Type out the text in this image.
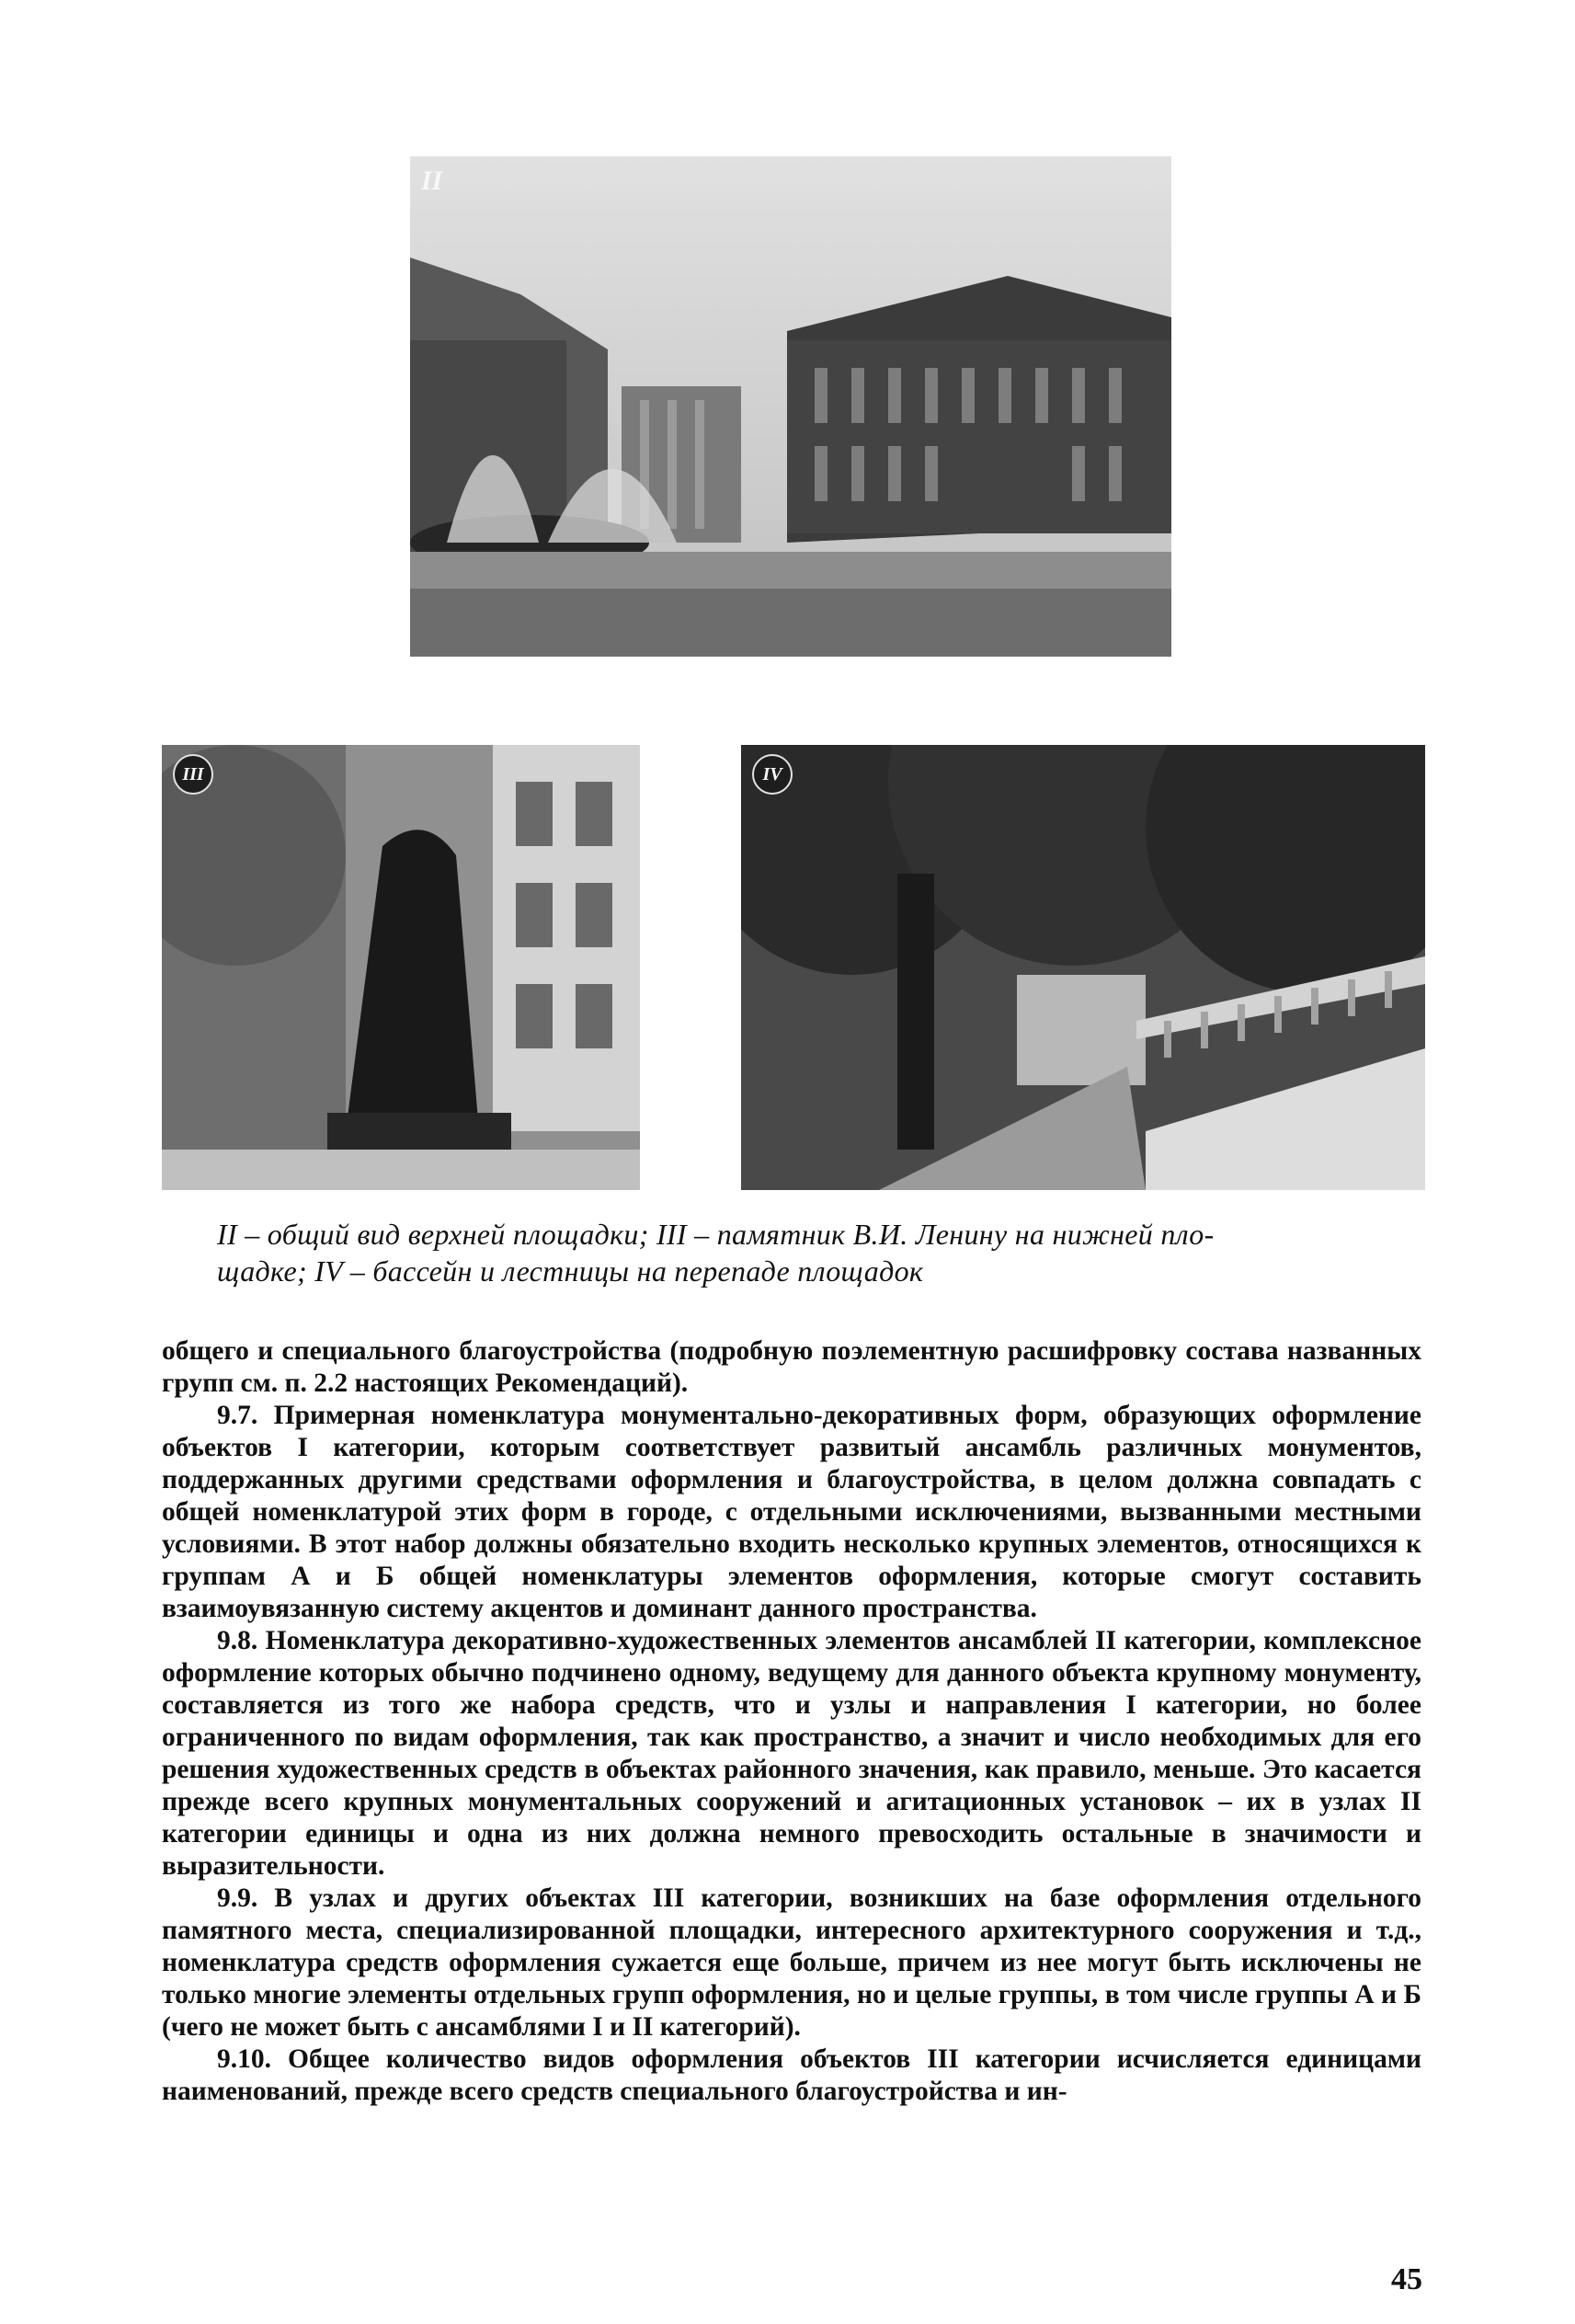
II
III	IV

II – общий вид верхней площадки; III – памятник В.И. Ленину на нижней пло-

щадке; IV – бассейн и лестницы на перепаде площадок

общего и специального благоустройства (подробную поэлементную расшифровку состава названных групп см. п. 2.2 настоящих Рекомендаций).

9.7. Примерная номенклатура монументально-декоративных форм, образующих оформление объектов I категории, которым соответствует развитый ансамбль различных монументов, поддержанных другими средствами оформления и благоустройства, в целом должна совпадать с общей номенклатурой этих форм в городе, с отдельными исключениями, вызванными местными условиями. В этот набор должны обязательно входить несколько крупных элементов, относящихся к группам А и Б общей номенклатуры элементов оформления, которые смогут составить взаимоувязанную систему акцентов и доминант данного пространства.

9.8. Номенклатура декоративно-художественных элементов ансамблей II категории, комплексное оформление которых обычно подчинено одному, ведущему для данного объекта крупному монументу, составляется из того же набора средств, что и узлы и направления I категории, но более ограниченного по видам оформления, так как пространство, а значит и число необходимых для его решения художественных средств в объектах районного значения, как правило, меньше. Это касается прежде всего крупных монументальных сооружений и агитационных установок – их в узлах II категории единицы и одна из них должна немного превосходить остальные в значимости и выразительности.

9.9. В узлах и других объектах III категории, возникших на базе оформления отдельного памятного места, специализированной площадки, интересного архитектурного сооружения и т.д., номенклатура средств оформления сужается еще больше, причем из нее могут быть исключены не только многие элементы отдельных групп оформления, но и целые группы, в том числе группы А и Б (чего не может быть с ансамблями I и II категорий).

9.10. Общее количество видов оформления объектов III категории исчисляется единицами наименований, прежде всего средств специального благоустройства и ин-

45
